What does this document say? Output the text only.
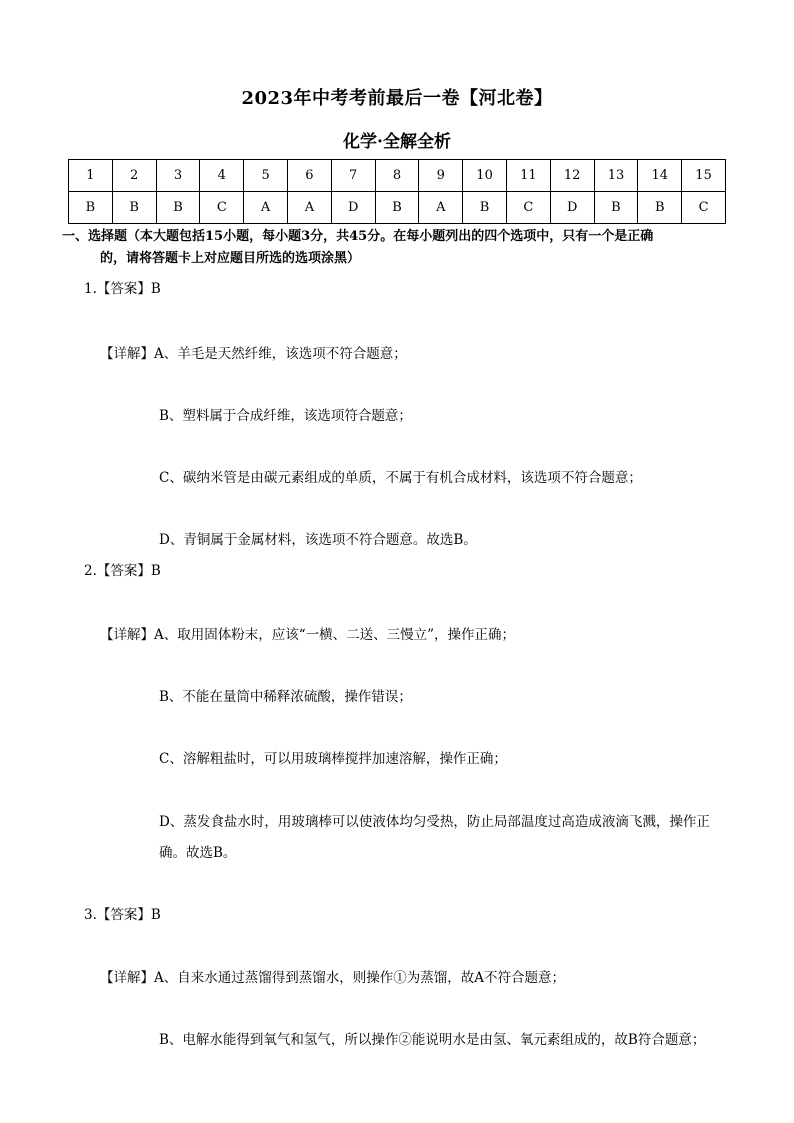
2023年中考考前最后一卷【河北卷】
化学·全解全析
1	2	3	4	5	6	7	8	9	10	11	12	13	14	15
B	B	B	C	A	A	D	B	A	B	C	D	B	B	C
一、选择题（本大题包括15小题，每小题3分，共45分。在每小题列出的四个选项中，只有一个是正确
的，请将答题卡上对应题目所选的选项涂黑）
1.【答案】B
【详解】A、羊毛是天然纤维，该选项不符合题意；
B、塑料属于合成纤维，该选项符合题意；
C、碳纳米管是由碳元素组成的单质，不属于有机合成材料，该选项不符合题意；
D、青铜属于金属材料，该选项不符合题意。故选B。
2.【答案】B
【详解】A、取用固体粉末，应该“一横、二送、三慢立”，操作正确；
B、不能在量筒中稀释浓硫酸，操作错误；
C、溶解粗盐时，可以用玻璃棒搅拌加速溶解，操作正确；
D、蒸发食盐水时，用玻璃棒可以使液体均匀受热，防止局部温度过高造成液滴飞溅，操作正
确。故选B。
3.【答案】B
【详解】A、自来水通过蒸馏得到蒸馏水，则操作①为蒸馏，故A不符合题意；
B、电解水能得到氧气和氢气，所以操作②能说明水是由氢、氧元素组成的，故B符合题意；
